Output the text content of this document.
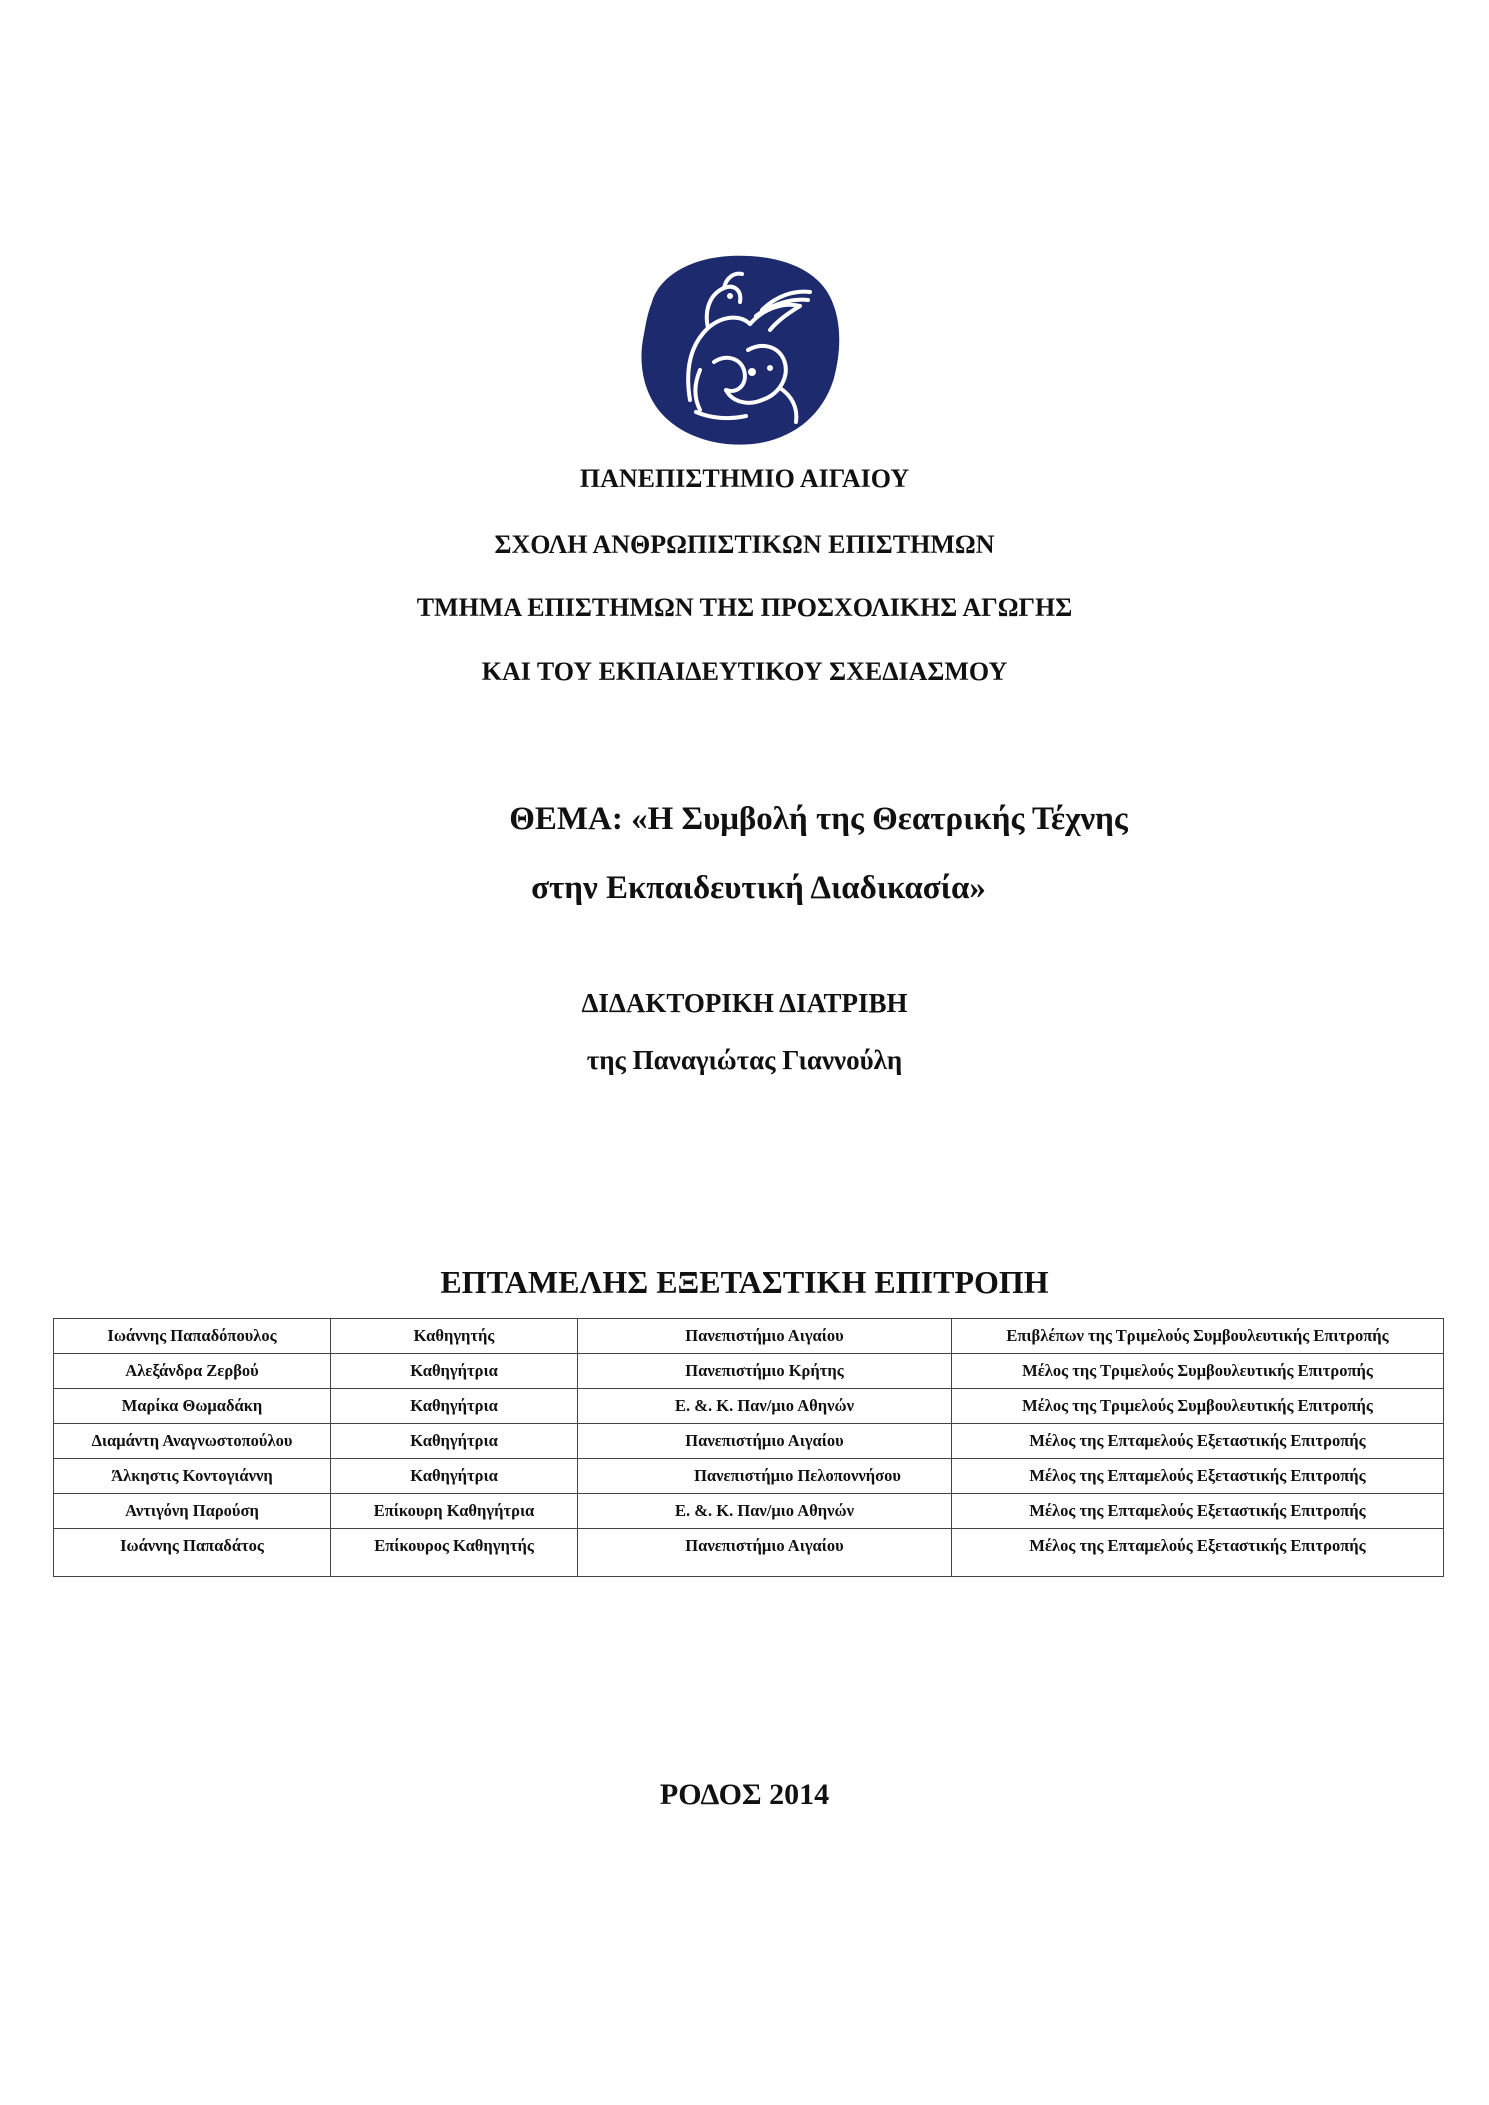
ΠΑΝΕΠΙΣΤΗΜΙΟ ΑΙΓΑΙΟΥ
ΣΧΟΛΗ ΑΝΘΡΩΠΙΣΤΙΚΩΝ ΕΠΙΣΤΗΜΩΝ
ΤΜΗΜΑ ΕΠΙΣΤΗΜΩΝ ΤΗΣ ΠΡΟΣΧΟΛΙΚΗΣ ΑΓΩΓΗΣ
ΚΑΙ ΤΟΥ ΕΚΠΑΙΔΕΥΤΙΚΟΥ ΣΧΕΔΙΑΣΜΟΥ
ΘΕΜΑ: «Η Συμβολή της Θεατρικής Τέχνης
στην Εκπαιδευτική Διαδικασία»
ΔΙΔΑΚΤΟΡΙΚΗ ΔΙΑΤΡΙΒΗ
της Παναγιώτας Γιαννούλη
ΕΠΤΑΜΕΛΗΣ ΕΞΕΤΑΣΤΙΚΗ ΕΠΙΤΡΟΠΗ
Ιωάννης Παπαδόπουλος	Καθηγητής	Πανεπιστήμιο Αιγαίου	Επιβλέπων της Τριμελούς Συμβουλευτικής Επιτροπής
Αλεξάνδρα Ζερβού	Καθηγήτρια	Πανεπιστήμιο Κρήτης	Μέλος της Τριμελούς Συμβουλευτικής Επιτροπής
Μαρίκα Θωμαδάκη	Καθηγήτρια	Ε. &. Κ. Παν/μιο Αθηνών	Μέλος της Τριμελούς Συμβουλευτικής Επιτροπής
Διαμάντη Αναγνωστοπούλου	Καθηγήτρια	Πανεπιστήμιο Αιγαίου	Μέλος της Επταμελούς Εξεταστικής Επιτροπής
Άλκηστις Κοντογιάννη	Καθηγήτρια	Πανεπιστήμιο Πελοποννήσου	Μέλος της Επταμελούς Εξεταστικής Επιτροπής
Αντιγόνη Παρούση	Επίκουρη Καθηγήτρια	Ε. &. Κ. Παν/μιο Αθηνών	Μέλος της Επταμελούς Εξεταστικής Επιτροπής
Ιωάννης Παπαδάτος	Επίκουρος Καθηγητής	Πανεπιστήμιο Αιγαίου	Μέλος της Επταμελούς Εξεταστικής Επιτροπής
ΡΟΔΟΣ 2014
